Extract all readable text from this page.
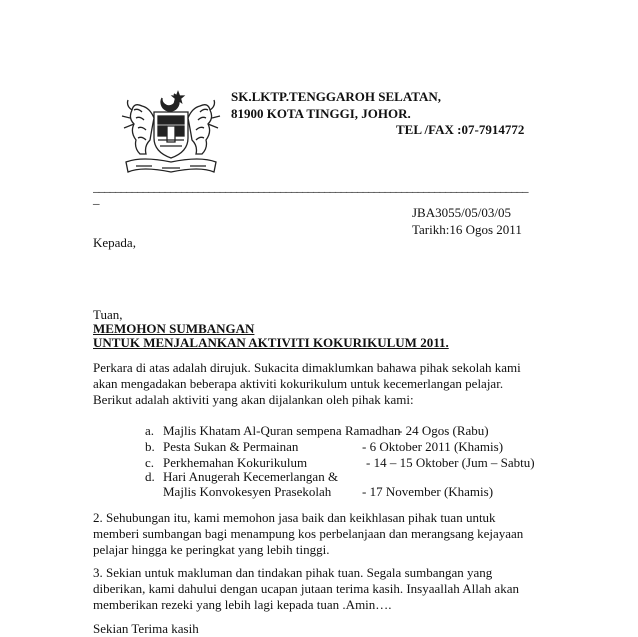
SK.LKTP.TENGGAROH SELATAN,
81900 KOTA TINGGI, JOHOR.
TEL /FAX :07-7914772
_______________________________________________________________________________
_
JBA3055/05/03/05
Tarikh:16 Ogos 2011
Kepada,
Tuan,
MEMOHON SUMBANGAN
UNTUK MENJALANKAN AKTIVITI KOKURIKULUM 2011.
Perkara di atas adalah dirujuk. Sukacita dimaklumkan bahawa pihak sekolah kami akan mengadakan beberapa aktiviti kokurikulum untuk kecemerlangan pelajar. Berikut adalah aktiviti yang akan dijalankan oleh pihak kami:
a. Majlis Khatam Al-Quran sempena Ramadhan
- 24 Ogos (Rabu)
b. Pesta Sukan & Permainan	- 6 Oktober 2011 (Khamis)
c. Perkhemahan Kokurikulum	- 14 – 15 Oktober (Jum – Sabtu)
d. Hari Anugerah Kecemerlangan &
Majlis Konvokesyen Prasekolah - 17 November (Khamis)
2. Sehubungan itu, kami memohon jasa baik dan keikhlasan pihak tuan untuk memberi sumbangan bagi menampung kos perbelanjaan dan merangsang kejayaan pelajar hingga ke peringkat yang lebih tinggi.
3. Sekian untuk makluman dan tindakan pihak tuan. Segala sumbangan yang diberikan, kami dahului dengan ucapan jutaan terima kasih. Insyaallah Allah akan memberikan rezeki yang lebih lagi kepada tuan .Amin….
Sekian Terima kasih
